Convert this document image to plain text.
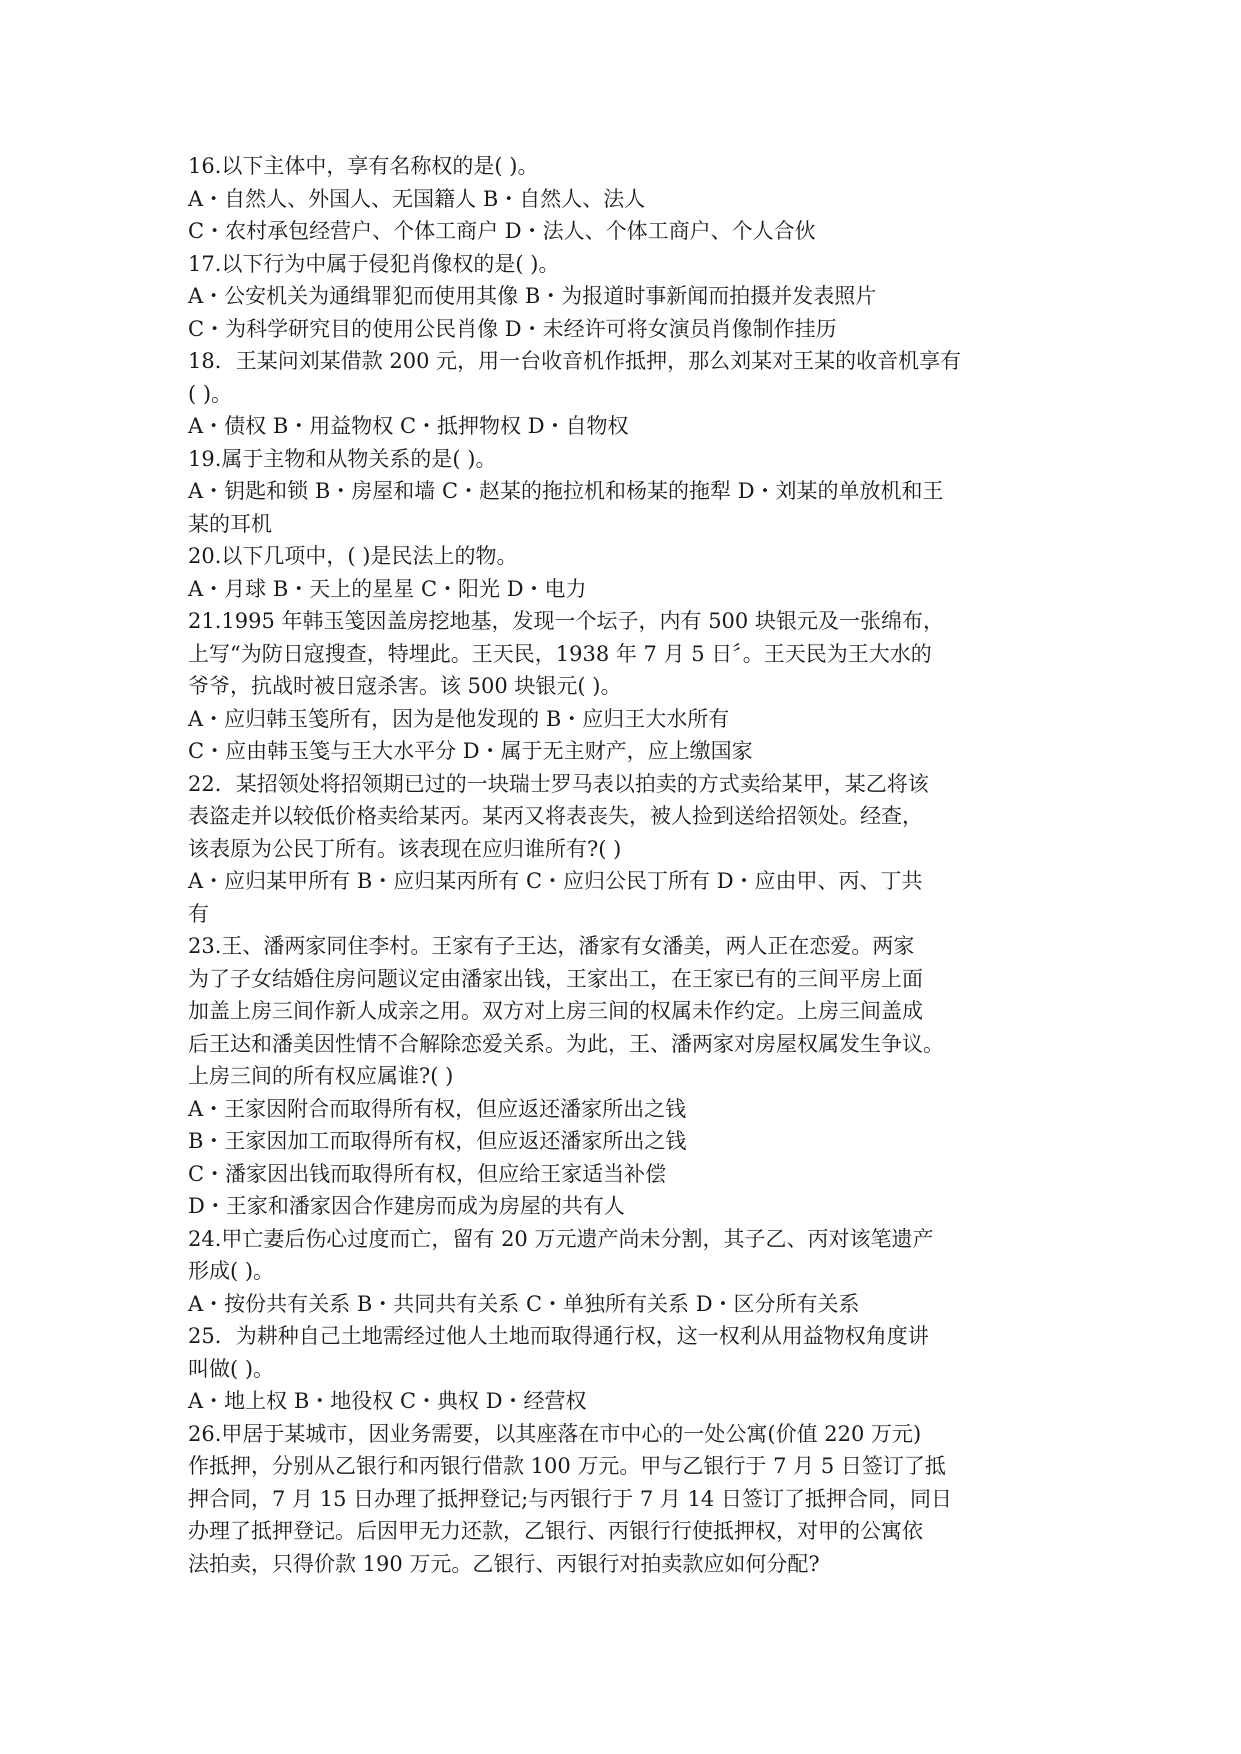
16.以下主体中，享有名称权的是( )。
A・自然人、外国人、无国籍人 B・自然人、法人
C・农村承包经营户、个体工商户 D・法人、个体工商户、个人合伙
17.以下行为中属于侵犯肖像权的是( )。
A・公安机关为通缉罪犯而使用其像 B・为报道时事新闻而拍摄并发表照片
C・为科学研究目的使用公民肖像 D・未经许可将女演员肖像制作挂历
18．王某问刘某借款 200 元，用一台收音机作抵押，那么刘某对王某的收音机享有
( )。
A・债权 B・用益物权 C・抵押物权 D・自物权
19.属于主物和从物关系的是( )。
A・钥匙和锁 B・房屋和墙 C・赵某的拖拉机和杨某的拖犁 D・刘某的单放机和王
某的耳机
20.以下几项中，( )是民法上的物。
A・月球 B・天上的星星 C・阳光 D・电力
21.1995 年韩玉笺因盖房挖地基，发现一个坛子，内有 500 块银元及一张绵布，
上写“为防日寇搜查，特埋此。王天民，1938 年 7 月 5 日〞。王天民为王大水的
爷爷，抗战时被日寇杀害。该 500 块银元( )。
A・应归韩玉笺所有，因为是他发现的 B・应归王大水所有
C・应由韩玉笺与王大水平分 D・属于无主财产，应上缴国家
22．某招领处将招领期已过的一块瑞士罗马表以拍卖的方式卖给某甲，某乙将该
表盗走并以较低价格卖给某丙。某丙又将表丧失，被人捡到送给招领处。经查，
该表原为公民丁所有。该表现在应归谁所有?( )
A・应归某甲所有 B・应归某丙所有 C・应归公民丁所有 D・应由甲、丙、丁共
有
23.王、潘两家同住李村。王家有子王达，潘家有女潘美，两人正在恋爱。两家
为了子女结婚住房问题议定由潘家出钱，王家出工，在王家已有的三间平房上面
加盖上房三间作新人成亲之用。双方对上房三间的权属未作约定。上房三间盖成
后王达和潘美因性情不合解除恋爱关系。为此，王、潘两家对房屋权属发生争议。
上房三间的所有权应属谁?( )
A・王家因附合而取得所有权，但应返还潘家所出之钱
B・王家因加工而取得所有权，但应返还潘家所出之钱
C・潘家因出钱而取得所有权，但应给王家适当补偿
D・王家和潘家因合作建房而成为房屋的共有人
24.甲亡妻后伤心过度而亡，留有 20 万元遗产尚未分割，其子乙、丙对该笔遗产
形成( )。
A・按份共有关系 B・共同共有关系 C・单独所有关系 D・区分所有关系
25．为耕种自己土地需经过他人土地而取得通行权，这一权利从用益物权角度讲
叫做( )。
A・地上权 B・地役权 C・典权 D・经营权
26.甲居于某城市，因业务需要，以其座落在市中心的一处公寓(价值 220 万元)
作抵押，分别从乙银行和丙银行借款 100 万元。甲与乙银行于 7 月 5 日签订了抵
押合同，7 月 15 日办理了抵押登记;与丙银行于 7 月 14 日签订了抵押合同，同日
办理了抵押登记。后因甲无力还款，乙银行、丙银行行使抵押权，对甲的公寓依
法拍卖，只得价款 190 万元。乙银行、丙银行对拍卖款应如何分配?
